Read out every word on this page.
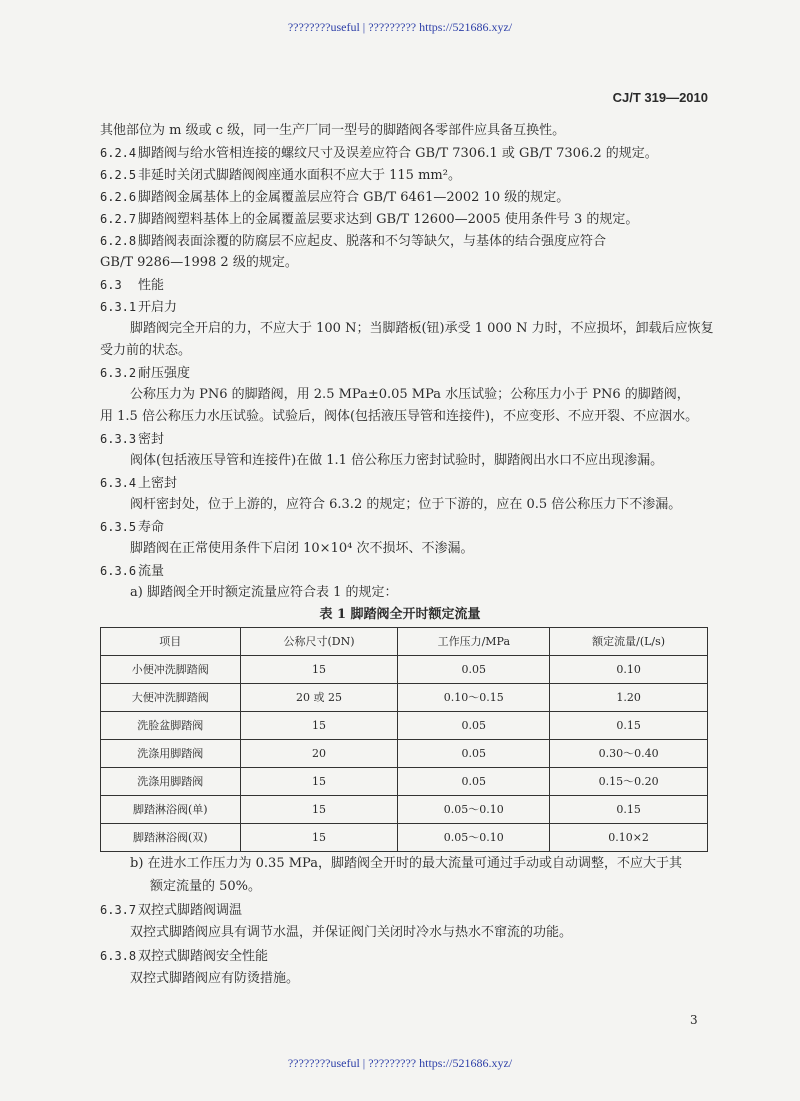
????????useful | ????????? https://521686.xyz/
CJ/T 319—2010
其他部位为 m 级或 c 级，同一生产厂同一型号的脚踏阀各零部件应具备互换性。
6.2.4 脚踏阀与给水管相连接的螺纹尺寸及误差应符合 GB/T 7306.1 或 GB/T 7306.2 的规定。
6.2.5 非延时关闭式脚踏阀阀座通水面积不应大于 115 mm²。
6.2.6 脚踏阀金属基体上的金属覆盖层应符合 GB/T 6461—2002 10 级的规定。
6.2.7 脚踏阀塑料基体上的金属覆盖层要求达到 GB/T 12600—2005 使用条件号 3 的规定。
6.2.8 脚踏阀表面涂覆的防腐层不应起皮、脱落和不匀等缺欠，与基体的结合强度应符合
GB/T 9286—1998 2 级的规定。
6.3 性能
6.3.1 开启力
脚踏阀完全开启的力，不应大于 100 N；当脚踏板(钮)承受 1 000 N 力时，不应损坏，卸载后应恢复
受力前的状态。
6.3.2 耐压强度
公称压力为 PN6 的脚踏阀，用 2.5 MPa±0.05 MPa 水压试验；公称压力小于 PN6 的脚踏阀，
用 1.5 倍公称压力水压试验。试验后，阀体(包括液压导管和连接件)，不应变形、不应开裂、不应洇水。
6.3.3 密封
阀体(包括液压导管和连接件)在做 1.1 倍公称压力密封试验时，脚踏阀出水口不应出现渗漏。
6.3.4 上密封
阀杆密封处，位于上游的，应符合 6.3.2 的规定；位于下游的，应在 0.5 倍公称压力下不渗漏。
6.3.5 寿命
脚踏阀在正常使用条件下启闭 10×10⁴ 次不损坏、不渗漏。
6.3.6 流量
a) 脚踏阀全开时额定流量应符合表 1 的规定：
表 1 脚踏阀全开时额定流量
项目	公称尺寸(DN)	工作压力/MPa	额定流量/(L/s)
小便冲洗脚踏阀	15	0.05	0.10
大便冲洗脚踏阀	20 或 25	0.10～0.15	1.20
洗脸盆脚踏阀	15	0.05	0.15
洗涤用脚踏阀	20	0.05	0.30～0.40
洗涤用脚踏阀	15	0.05	0.15～0.20
脚踏淋浴阀(单)	15	0.05～0.10	0.15
脚踏淋浴阀(双)	15	0.05～0.10	0.10×2
b) 在进水工作压力为 0.35 MPa，脚踏阀全开时的最大流量可通过手动或自动调整，不应大于其
额定流量的 50%。
6.3.7 双控式脚踏阀调温
双控式脚踏阀应具有调节水温，并保证阀门关闭时冷水与热水不窜流的功能。
6.3.8 双控式脚踏阀安全性能
双控式脚踏阀应有防烫措施。
3
????????useful | ????????? https://521686.xyz/
